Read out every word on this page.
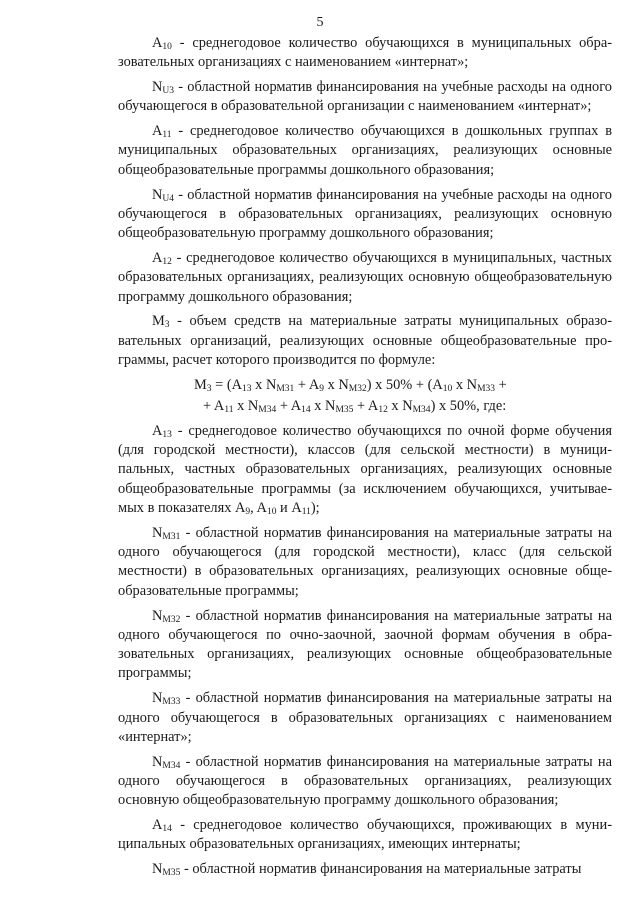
5

$A_{10}$ - среднегодовое количество обучающихся в муниципальных образовательных организациях с наименованием «интернат»;

$N_{U3}$ - областной норматив финансирования на учебные расходы на одного обучающегося в образовательной организации с наименованием «интернат»;

$A_{11}$ - среднегодовое количество обучающихся в дошкольных группах в муниципальных образовательных организациях, реализующих основные общеобразовательные программы дошкольного образования;

$N_{U4}$ - областной норматив финансирования на учебные расходы на одного обучающегося в образовательных организациях, реализующих основную общеобразовательную программу дошкольного образования;

$A_{12}$ - среднегодовое количество обучающихся в муниципальных, частных образовательных организациях, реализующих основную общеобразовательную программу дошкольного образования;

$M_3$ - объем средств на материальные затраты муниципальных образовательных организаций, реализующих основные общеобразовательные программы, расчет которого производится по формуле:

$M_3 = (A_{13}$ x $N_{M31} + A_9$ x $N_{M32}$) x $50\% + (A_{10}$ x $N_{M33}$ +

+ $A_{11}$ x $N_{M34} + A_{14}$ x $N_{M35} + A_{12}$ x $N_{M34}$) x 50%, где:

$A_{13}$ - среднегодовое количество обучающихся по очной форме обучения (для городской местности), классов (для сельской местности) в муниципальных, частных образовательных организациях, реализующих основные общеобразовательные программы (за исключением обучающихся, учитываемых в показателях $A_9$, $A_{10}$ и $A_{11}$);

$N_{M31}$ - областной норматив финансирования на материальные затраты на одного обучающегося (для городской местности), класс (для сельской местности) в образовательных организациях, реализующих основные общеобразовательные программы;

$N_{M32}$ - областной норматив финансирования на материальные затраты на одного обучающегося по очно-заочной, заочной формам обучения в образовательных организациях, реализующих основные общеобразовательные программы;

$N_{M33}$ - областной норматив финансирования на материальные затраты на одного обучающегося в образовательных организациях с наименованием «интернат»;

$N_{M34}$ - областной норматив финансирования на материальные затраты на одного обучающегося в образовательных организациях, реализующих основную общеобразовательную программу дошкольного образования;

$A_{14}$ - среднегодовое количество обучающихся, проживающих в муниципальных образовательных организациях, имеющих интернаты;

$N_{M35}$ - областной норматив финансирования на материальные затраты
